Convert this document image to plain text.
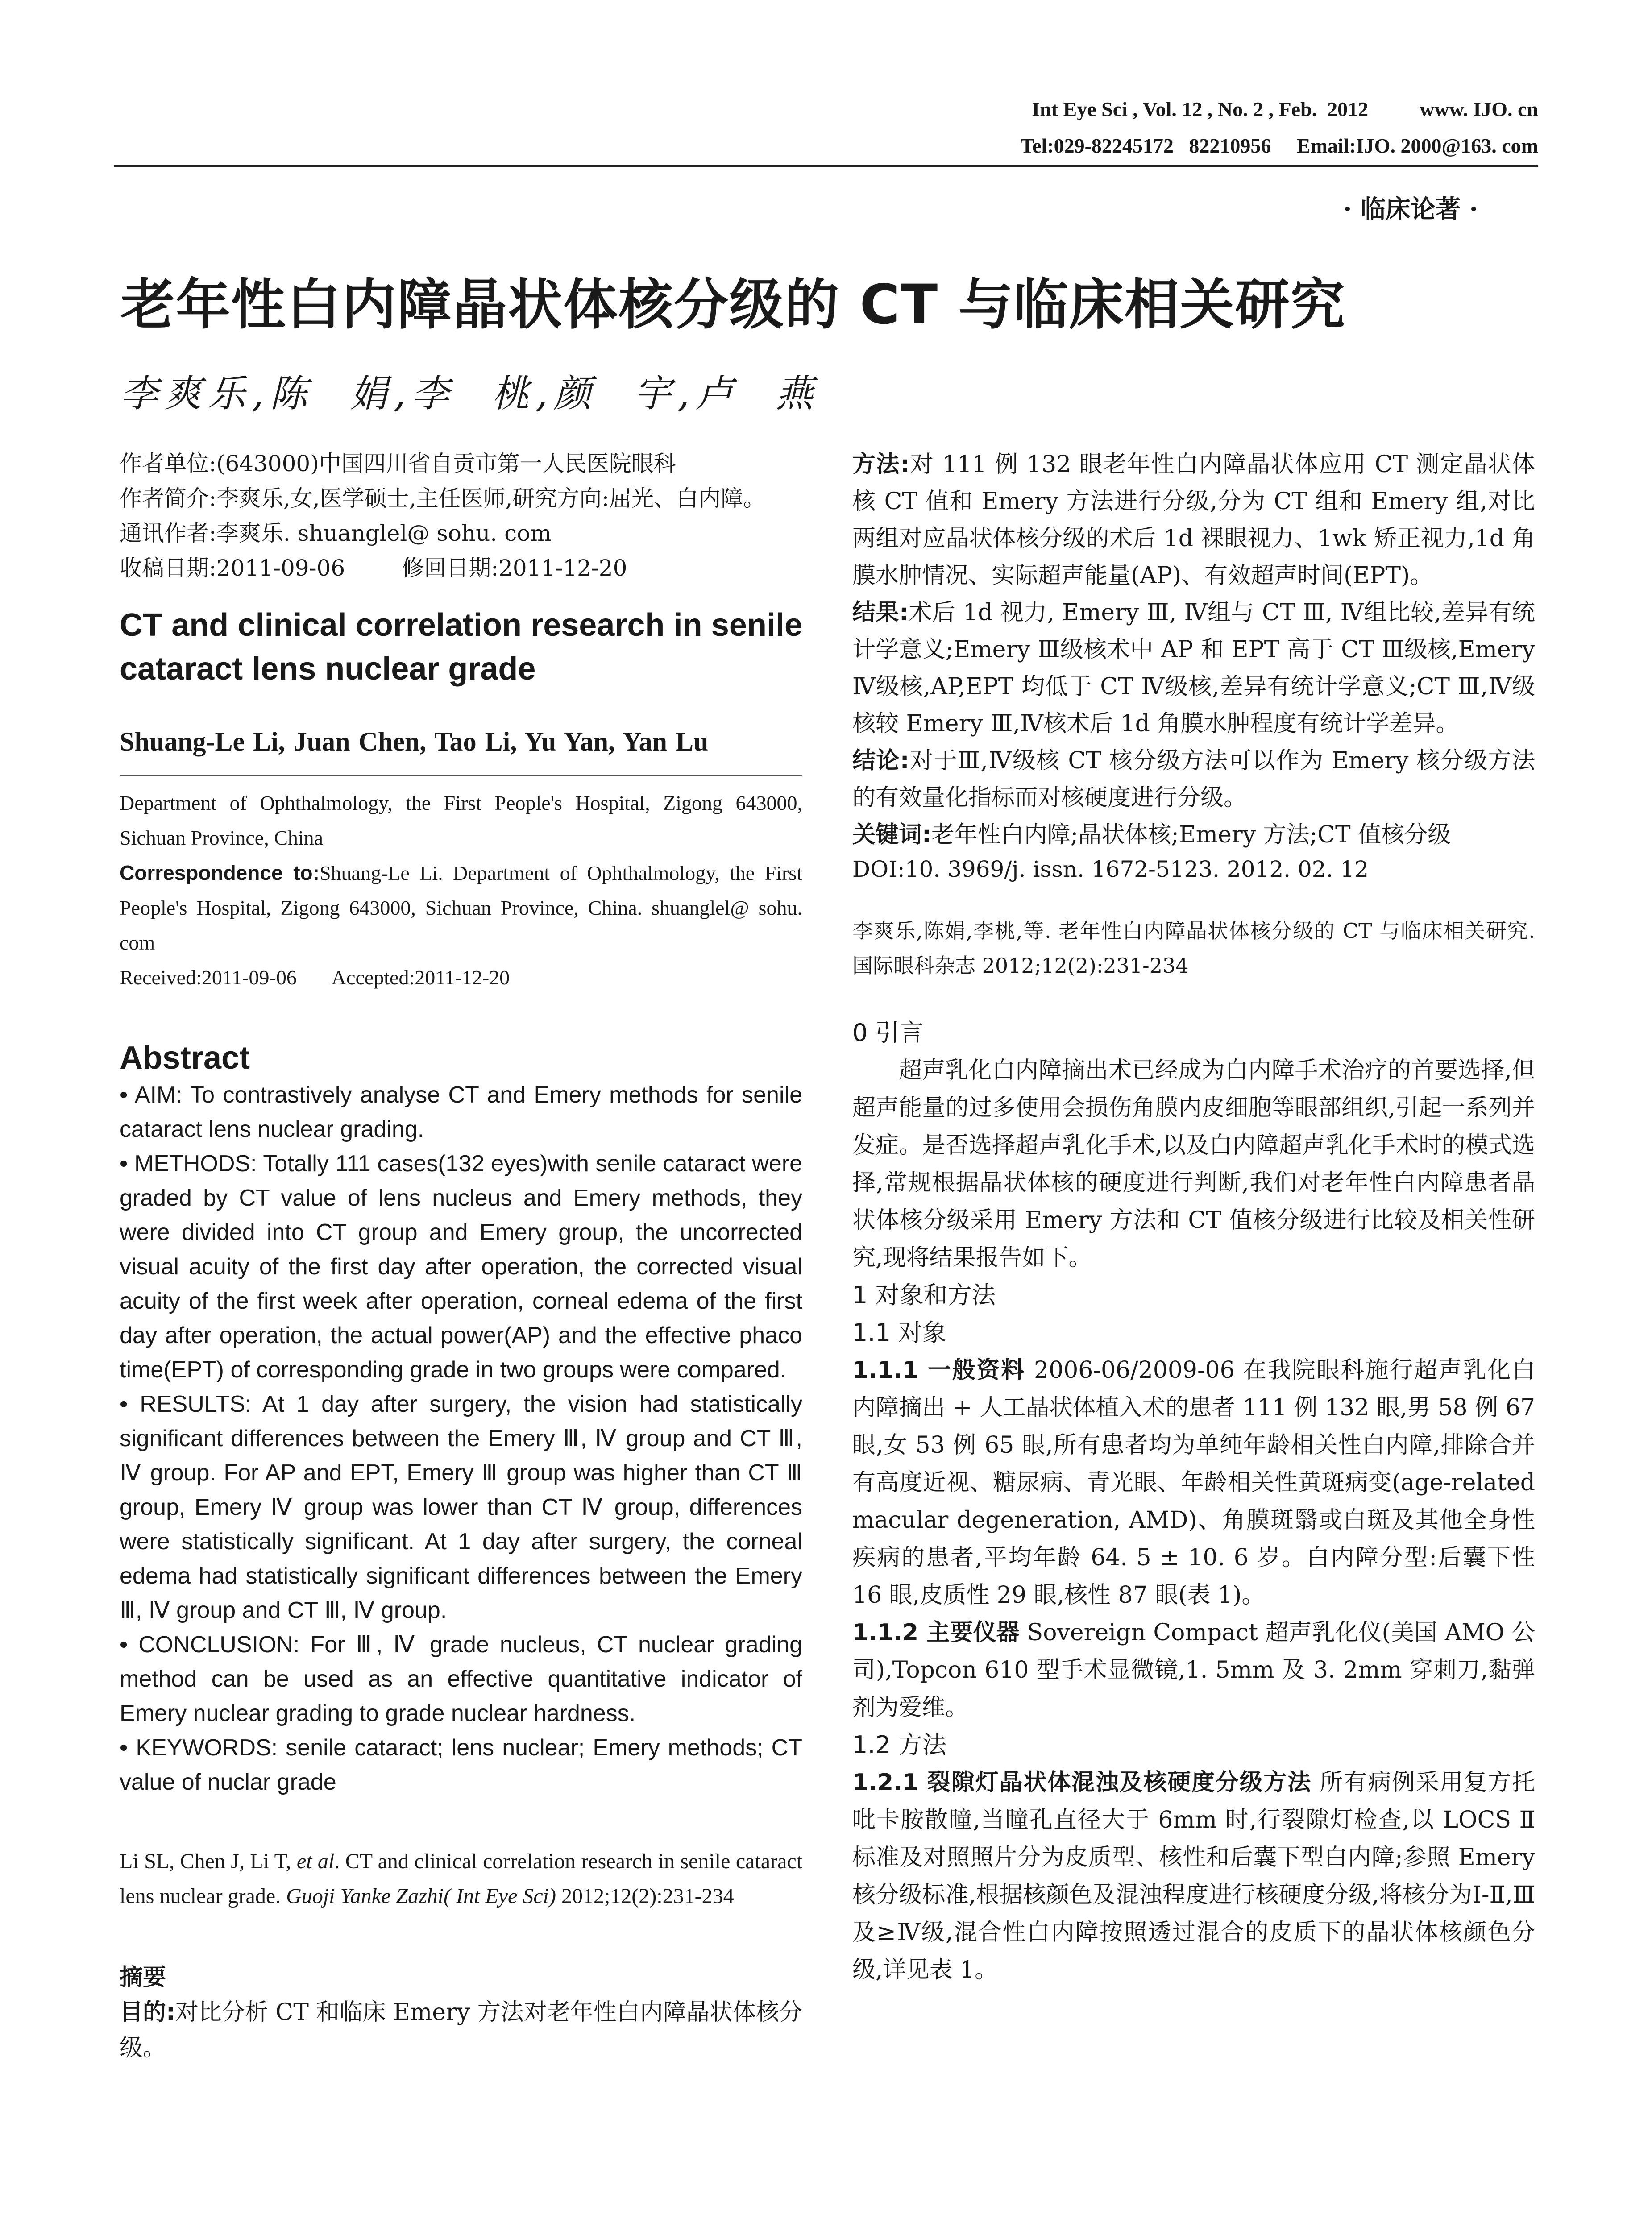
Int Eye Sci , Vol. 12 , No. 2 , Feb.  2012	www. IJO. cn
Tel:029-82245172   82210956     Email:IJO. 2000@163. com
· 临床论著 ·
老年性白内障晶状体核分级的 CT 与临床相关研究
李爽乐,陈  娟,李  桃,颜  宇,卢  燕

作者单位:(643000)中国四川省自贡市第一人民医院眼科

作者简介:李爽乐,女,医学硕士,主任医师,研究方向:屈光、白内障。

通讯作者:李爽乐. shuanglel@ sohu. com

收稿日期:2011-09-06        修回日期:2011-12-20

CT and clinical correlation research in senile cataract lens nuclear grade
Shuang-Le Li, Juan Chen, Tao Li, Yu Yan, Yan Lu
Department of Ophthalmology, the First People's Hospital, Zigong 643000, Sichuan Province, China
Correspondence to:Shuang-Le Li. Department of Ophthalmology, the First People's Hospital, Zigong 643000, Sichuan Province, China. shuanglel@ sohu. com
Received:2011-09-06       Accepted:2011-12-20
Abstract

• AIM: To contrastively analyse CT and Emery methods for senile cataract lens nuclear grading.

• METHODS: Totally 111 cases(132 eyes)with senile cataract were graded by CT value of lens nucleus and Emery methods, they were divided into CT group and Emery group, the uncorrected visual acuity of the first day after operation, the corrected visual acuity of the first week after operation, corneal edema of the first day after operation, the actual power(AP) and the effective phaco time(EPT) of corresponding grade in two groups were compared.

• RESULTS: At 1 day after surgery, the vision had statistically significant differences between the Emery Ⅲ, Ⅳ group and CT Ⅲ, Ⅳ group. For AP and EPT, Emery Ⅲ group was higher than CT Ⅲ group, Emery Ⅳ group was lower than CT Ⅳ group, differences were statistically significant. At 1 day after surgery, the corneal edema had statistically significant differences between the Emery Ⅲ, Ⅳ group and CT Ⅲ, Ⅳ group.

• CONCLUSION: For Ⅲ, Ⅳ grade nucleus, CT nuclear grading method can be used as an effective quantitative indicator of Emery nuclear grading to grade nuclear hardness.

• KEYWORDS: senile cataract; lens nuclear; Emery methods; CT value of nuclar grade

Li SL, Chen J, Li T, et al. CT and clinical correlation research in senile cataract lens nuclear grade. Guoji Yanke Zazhi( Int Eye Sci) 2012;12(2):231-234
摘要
目的:对比分析 CT 和临床 Emery 方法对老年性白内障晶状体核分级。

方法:对 111 例 132 眼老年性白内障晶状体应用 CT 测定晶状体核 CT 值和 Emery 方法进行分级,分为 CT 组和 Emery 组,对比两组对应晶状体核分级的术后 1d 裸眼视力、1wk 矫正视力,1d 角膜水肿情况、实际超声能量(AP)、有效超声时间(EPT)。

结果:术后 1d 视力, Emery Ⅲ, Ⅳ组与 CT Ⅲ, Ⅳ组比较,差异有统计学意义;Emery Ⅲ级核术中 AP 和 EPT 高于 CT Ⅲ级核,Emery Ⅳ级核,AP,EPT 均低于 CT Ⅳ级核,差异有统计学意义;CT Ⅲ,Ⅳ级核较 Emery Ⅲ,Ⅳ核术后 1d 角膜水肿程度有统计学差异。

结论:对于Ⅲ,Ⅳ级核 CT 核分级方法可以作为 Emery 核分级方法的有效量化指标而对核硬度进行分级。

关键词:老年性白内障;晶状体核;Emery 方法;CT 值核分级

DOI:10. 3969/j. issn. 1672-5123. 2012. 02. 12
李爽乐,陈娟,李桃,等. 老年性白内障晶状体核分级的 CT 与临床相关研究. 国际眼科杂志 2012;12(2):231-234
0 引言

超声乳化白内障摘出术已经成为白内障手术治疗的首要选择,但超声能量的过多使用会损伤角膜内皮细胞等眼部组织,引起一系列并发症。是否选择超声乳化手术,以及白内障超声乳化手术时的模式选择,常规根据晶状体核的硬度进行判断,我们对老年性白内障患者晶状体核分级采用 Emery 方法和 CT 值核分级进行比较及相关性研究,现将结果报告如下。

1 对象和方法
1.1 对象
1.1.1 一般资料 2006-06/2009-06 在我院眼科施行超声乳化白内障摘出 + 人工晶状体植入术的患者 111 例 132 眼,男 58 例 67 眼,女 53 例 65 眼,所有患者均为单纯年龄相关性白内障,排除合并有高度近视、糖尿病、青光眼、年龄相关性黄斑病变(age-related macular degeneration, AMD)、角膜斑翳或白斑及其他全身性疾病的患者,平均年龄 64. 5 ± 10. 6 岁。白内障分型:后囊下性 16 眼,皮质性 29 眼,核性 87 眼(表 1)。
1.1.2 主要仪器 Sovereign Compact 超声乳化仪(美国 AMO 公司),Topcon 610 型手术显微镜,1. 5mm 及 3. 2mm 穿刺刀,黏弹剂为爱维。
1.2 方法
1.2.1 裂隙灯晶状体混浊及核硬度分级方法 所有病例采用复方托吡卡胺散瞳,当瞳孔直径大于 6mm 时,行裂隙灯检查,以 LOCS Ⅱ 标准及对照照片分为皮质型、核性和后囊下型白内障;参照 Emery 核分级标准,根据核颜色及混浊程度进行核硬度分级,将核分为Ⅰ-Ⅱ,Ⅲ及≥Ⅳ级,混合性白内障按照透过混合的皮质下的晶状体核颜色分级,详见表 1。
